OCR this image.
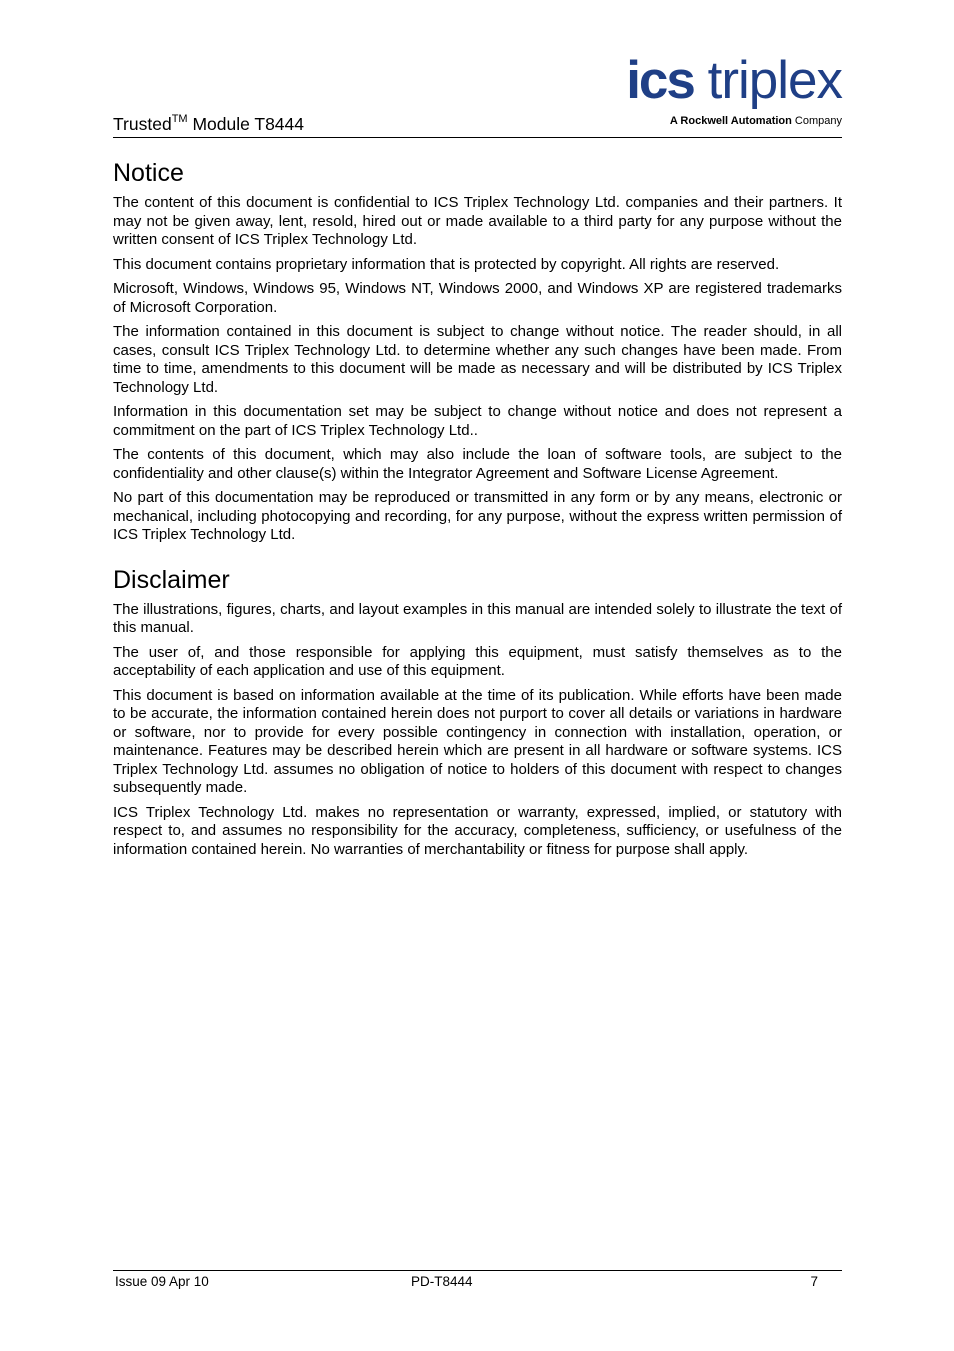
Trusted™ Module T8444
ics triplex
A Rockwell Automation Company
Notice

The content of this document is confidential to ICS Triplex Technology Ltd. companies and their partners. It may not be given away, lent, resold, hired out or made available to a third party for any purpose without the written consent of ICS Triplex Technology Ltd.

This document contains proprietary information that is protected by copyright. All rights are reserved.

Microsoft, Windows, Windows 95, Windows NT, Windows 2000, and Windows XP are registered trademarks of Microsoft Corporation.

The information contained in this document is subject to change without notice. The reader should, in all cases, consult ICS Triplex Technology Ltd. to determine whether any such changes have been made. From time to time, amendments to this document will be made as necessary and will be distributed by ICS Triplex Technology Ltd.

Information in this documentation set may be subject to change without notice and does not represent a commitment on the part of ICS Triplex Technology Ltd..

The contents of this document, which may also include the loan of software tools, are subject to the confidentiality and other clause(s) within the Integrator Agreement and Software License Agreement.

No part of this documentation may be reproduced or transmitted in any form or by any means, electronic or mechanical, including photocopying and recording, for any purpose, without the express written permission of ICS Triplex Technology Ltd.

Disclaimer

The illustrations, figures, charts, and layout examples in this manual are intended solely to illustrate the text of this manual.

The user of, and those responsible for applying this equipment, must satisfy themselves as to the acceptability of each application and use of this equipment.

This document is based on information available at the time of its publication. While efforts have been made to be accurate, the information contained herein does not purport to cover all details or variations in hardware or software, nor to provide for every possible contingency in connection with installation, operation, or maintenance. Features may be described herein which are present in all hardware or software systems. ICS Triplex Technology Ltd. assumes no obligation of notice to holders of this document with respect to changes subsequently made.

ICS Triplex Technology Ltd. makes no representation or warranty, expressed, implied, or statutory with respect to, and assumes no responsibility for the accuracy, completeness, sufficiency, or usefulness of the information contained herein. No warranties of merchantability or fitness for purpose shall apply.

Issue 09 Apr 10	PD-T8444	7
